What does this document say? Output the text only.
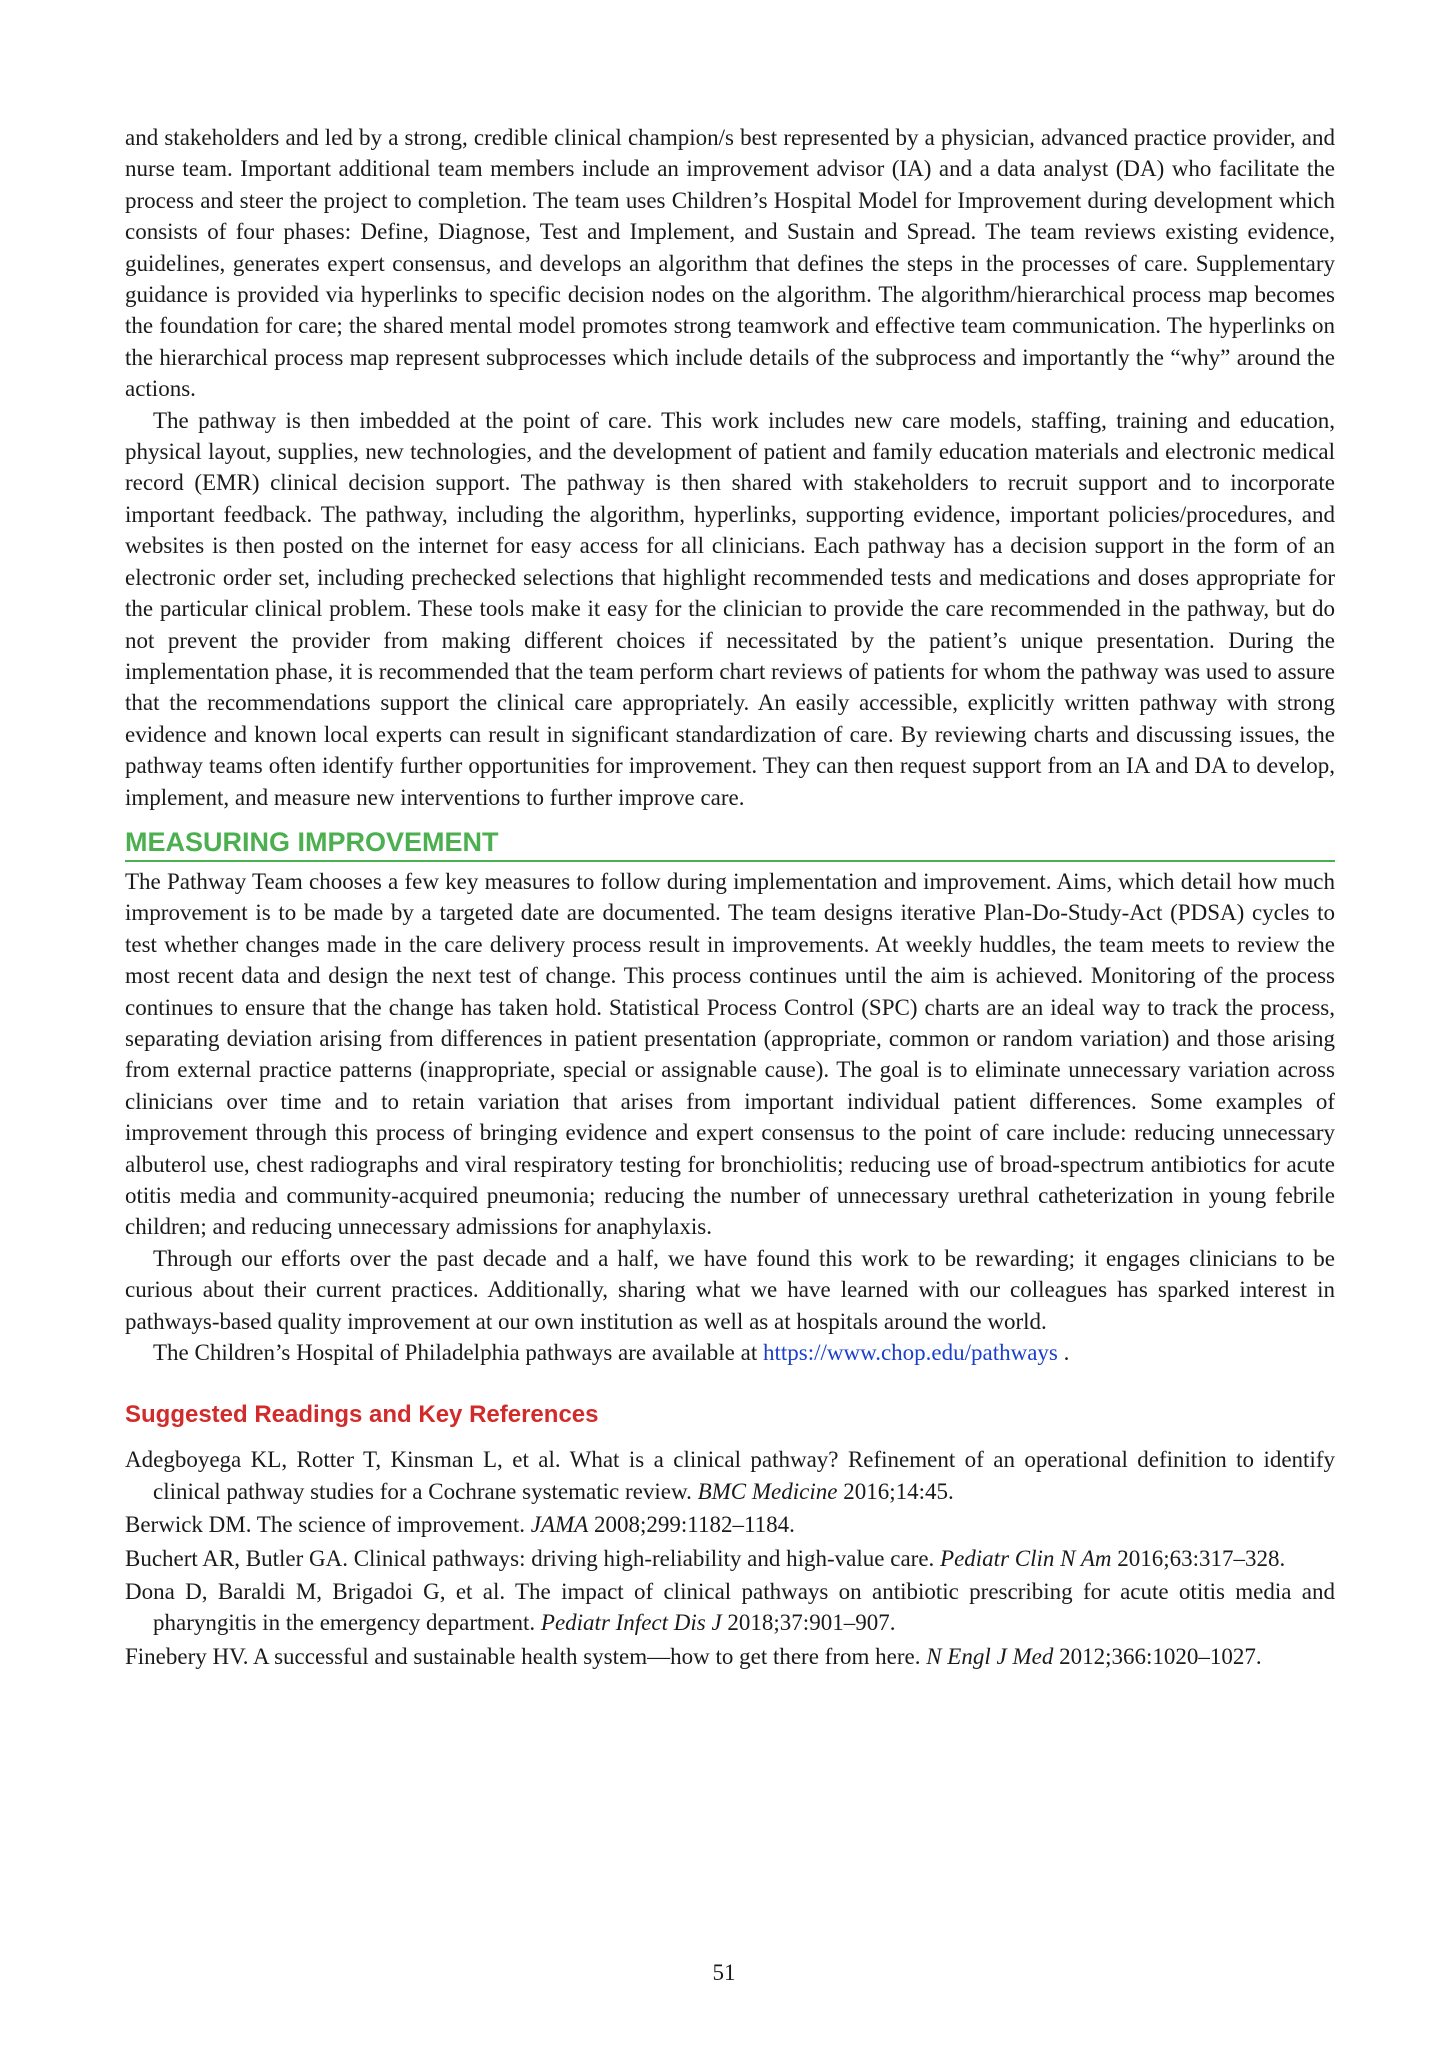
and stakeholders and led by a strong, credible clinical champion/s best represented by a physician, advanced practice provider, and nurse team. Important additional team members include an improvement advisor (IA) and a data analyst (DA) who facilitate the process and steer the project to completion. The team uses Children’s Hospital Model for Improvement during development which consists of four phases: Define, Diagnose, Test and Implement, and Sustain and Spread. The team reviews existing evidence, guidelines, generates expert consensus, and develops an algorithm that defines the steps in the processes of care. Supplementary guidance is provided via hyperlinks to specific decision nodes on the algorithm. The algorithm/hierarchical process map becomes the foundation for care; the shared mental model promotes strong teamwork and effective team communication. The hyperlinks on the hierarchical process map represent subprocesses which include details of the subprocess and importantly the “why” around the actions.

The pathway is then imbedded at the point of care. This work includes new care models, staffing, training and education, physical layout, supplies, new technologies, and the development of patient and family education materials and electronic medical record (EMR) clinical decision support. The pathway is then shared with stakeholders to recruit support and to incorporate important feedback. The pathway, including the algorithm, hyperlinks, supporting evidence, important policies/procedures, and websites is then posted on the internet for easy access for all clinicians. Each pathway has a decision support in the form of an electronic order set, including prechecked selections that highlight recommended tests and medications and doses appropriate for the particular clinical problem. These tools make it easy for the clinician to provide the care recommended in the pathway, but do not prevent the provider from making different choices if necessitated by the patient’s unique presentation. During the implementation phase, it is recommended that the team perform chart reviews of patients for whom the pathway was used to assure that the recommendations support the clinical care appropriately. An easily accessible, explicitly written pathway with strong evidence and known local experts can result in significant standardization of care. By reviewing charts and discussing issues, the pathway teams often identify further opportunities for improvement. They can then request support from an IA and DA to develop, implement, and measure new interventions to further improve care.

MEASURING IMPROVEMENT

The Pathway Team chooses a few key measures to follow during implementation and improvement. Aims, which detail how much improvement is to be made by a targeted date are documented. The team designs iterative Plan-Do-Study-Act (PDSA) cycles to test whether changes made in the care delivery process result in improvements. At weekly huddles, the team meets to review the most recent data and design the next test of change. This process continues until the aim is achieved. Monitoring of the process continues to ensure that the change has taken hold. Statistical Process Control (SPC) charts are an ideal way to track the process, separating deviation arising from differences in patient presentation (appropriate, common or random variation) and those arising from external practice patterns (inappropriate, special or assignable cause). The goal is to eliminate unnecessary variation across clinicians over time and to retain variation that arises from important individual patient differences. Some examples of improvement through this process of bringing evidence and expert consensus to the point of care include: reducing unnecessary albuterol use, chest radiographs and viral respiratory testing for bronchiolitis; reducing use of broad-spectrum antibiotics for acute otitis media and community-acquired pneumonia; reducing the number of unnecessary urethral catheterization in young febrile children; and reducing unnecessary admissions for anaphylaxis.

Through our efforts over the past decade and a half, we have found this work to be rewarding; it engages clinicians to be curious about their current practices. Additionally, sharing what we have learned with our colleagues has sparked interest in pathways-based quality improvement at our own institution as well as at hospitals around the world.

The Children’s Hospital of Philadelphia pathways are available at https://www.chop.edu/pathways .

Suggested Readings and Key References

Adegboyega KL, Rotter T, Kinsman L, et al. What is a clinical pathway? Refinement of an operational definition to identify clinical pathway studies for a Cochrane systematic review. BMC Medicine 2016;14:45.

Berwick DM. The science of improvement. JAMA 2008;299:1182–1184.

Buchert AR, Butler GA. Clinical pathways: driving high-reliability and high-value care. Pediatr Clin N Am 2016;63:317–328.

Dona D, Baraldi M, Brigadoi G, et al. The impact of clinical pathways on antibiotic prescribing for acute otitis media and pharyngitis in the emergency department. Pediatr Infect Dis J 2018;37:901–907.

Finebery HV. A successful and sustainable health system—how to get there from here. N Engl J Med 2012;366:1020–1027.

51
